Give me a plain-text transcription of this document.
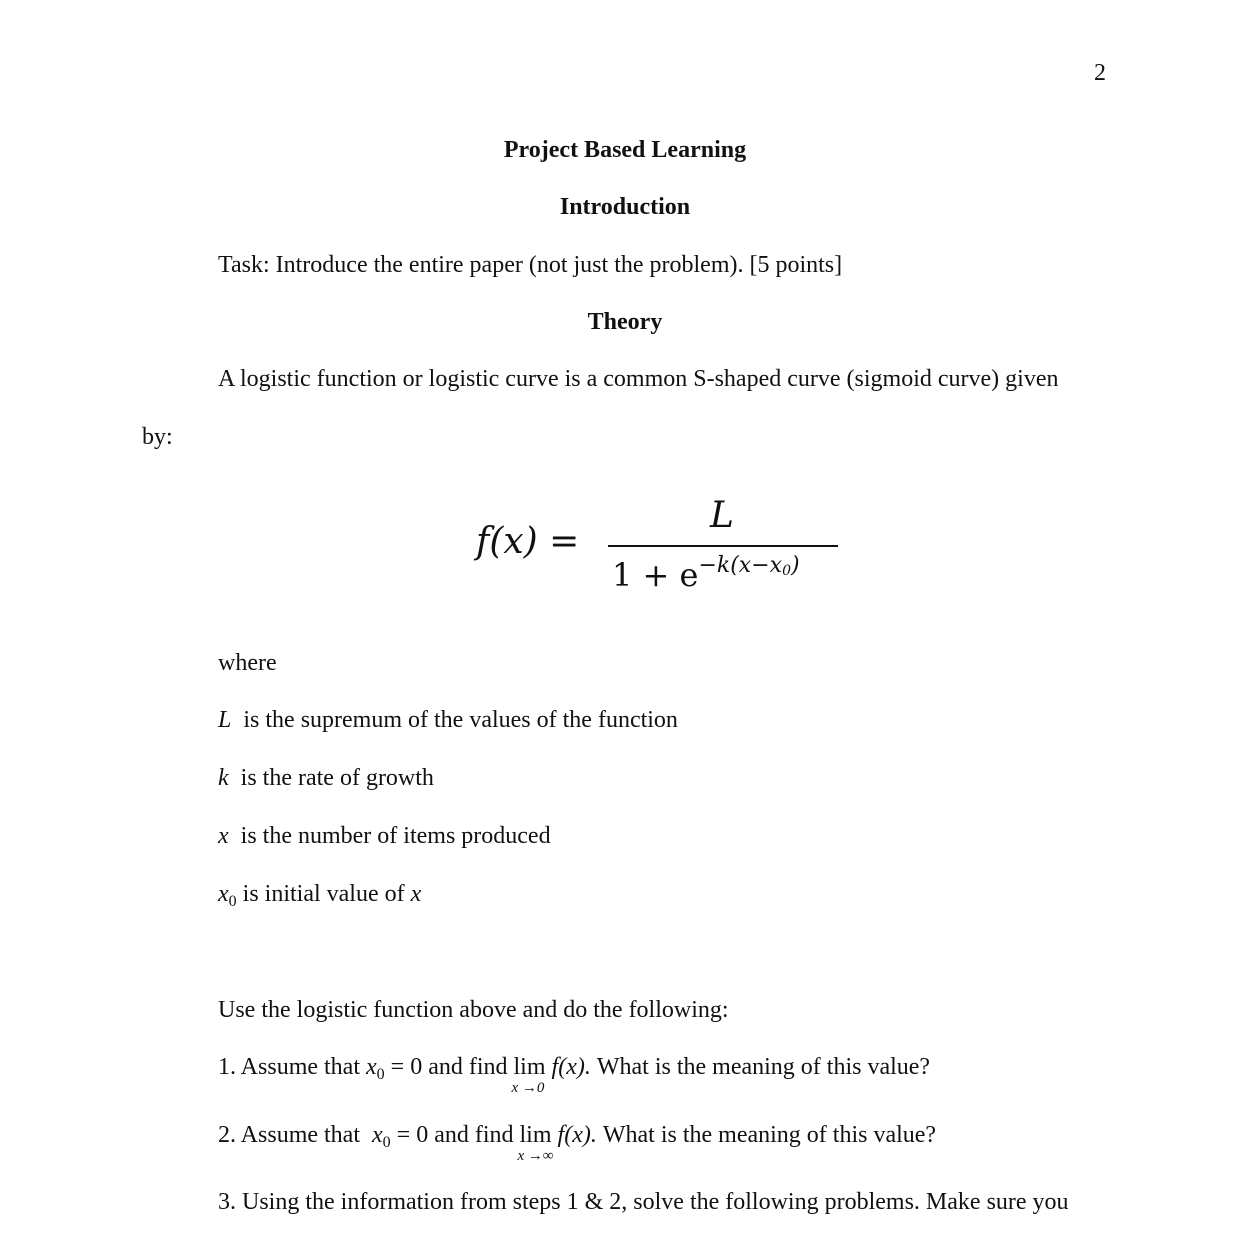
2
Project Based Learning
Introduction
Task: Introduce the entire paper (not just the problem). [5 points]
Theory
A logistic function or logistic curve is a common S-shaped curve (sigmoid curve) given
by:
f(x) =
L
$1 + e^{-k(x-x0)}$
where
L is the supremum of the values of the function
k is the rate of growth
x is the number of items produced
$x_0$ is initial value of x
Use the logistic function above and do the following:
1. Assume that $x_0 = 0$ and find lim
x →0
f(x). What is the meaning of this value?
2. Assume that $x_0 = 0$ and find lim
x →∞
f(x). What is the meaning of this value?
3. Using the information from steps 1 & 2, solve the following problems. Make sure you
